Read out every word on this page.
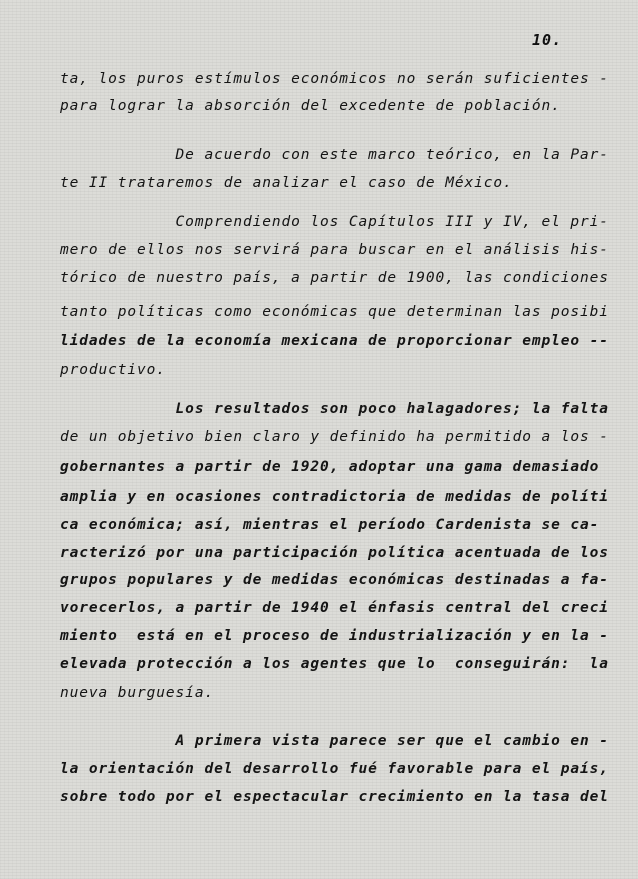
10.
ta, los puros estímulos económicos no serán suficientes -
para lograr la absorción del excedente de población.
De acuerdo con este marco teórico, en la Par-
te II trataremos de analizar el caso de México.
Comprendiendo los Capítulos III y IV, el pri-
mero de ellos nos servirá para buscar en el análisis his-
tórico de nuestro país, a partir de 1900, las condiciones
tanto políticas como económicas que determinan las posibi
lidades de la economía mexicana de proporcionar empleo --
productivo.
Los resultados son poco halagadores; la falta
de un objetivo bien claro y definido ha permitido a los -
gobernantes a partir de 1920, adoptar una gama demasiado
amplia y en ocasiones contradictoria de medidas de políti
ca económica; así, mientras el período Cardenista se ca-
racterizó por una participación política acentuada de los
grupos populares y de medidas económicas destinadas a fa-
vorecerlos, a partir de 1940 el énfasis central del creci
miento  está en el proceso de industrialización y en la -
elevada protección a los agentes que lo  conseguirán:  la
nueva burguesía.
A primera vista parece ser que el cambio en -
la orientación del desarrollo fué favorable para el país,
sobre todo por el espectacular crecimiento en la tasa del
